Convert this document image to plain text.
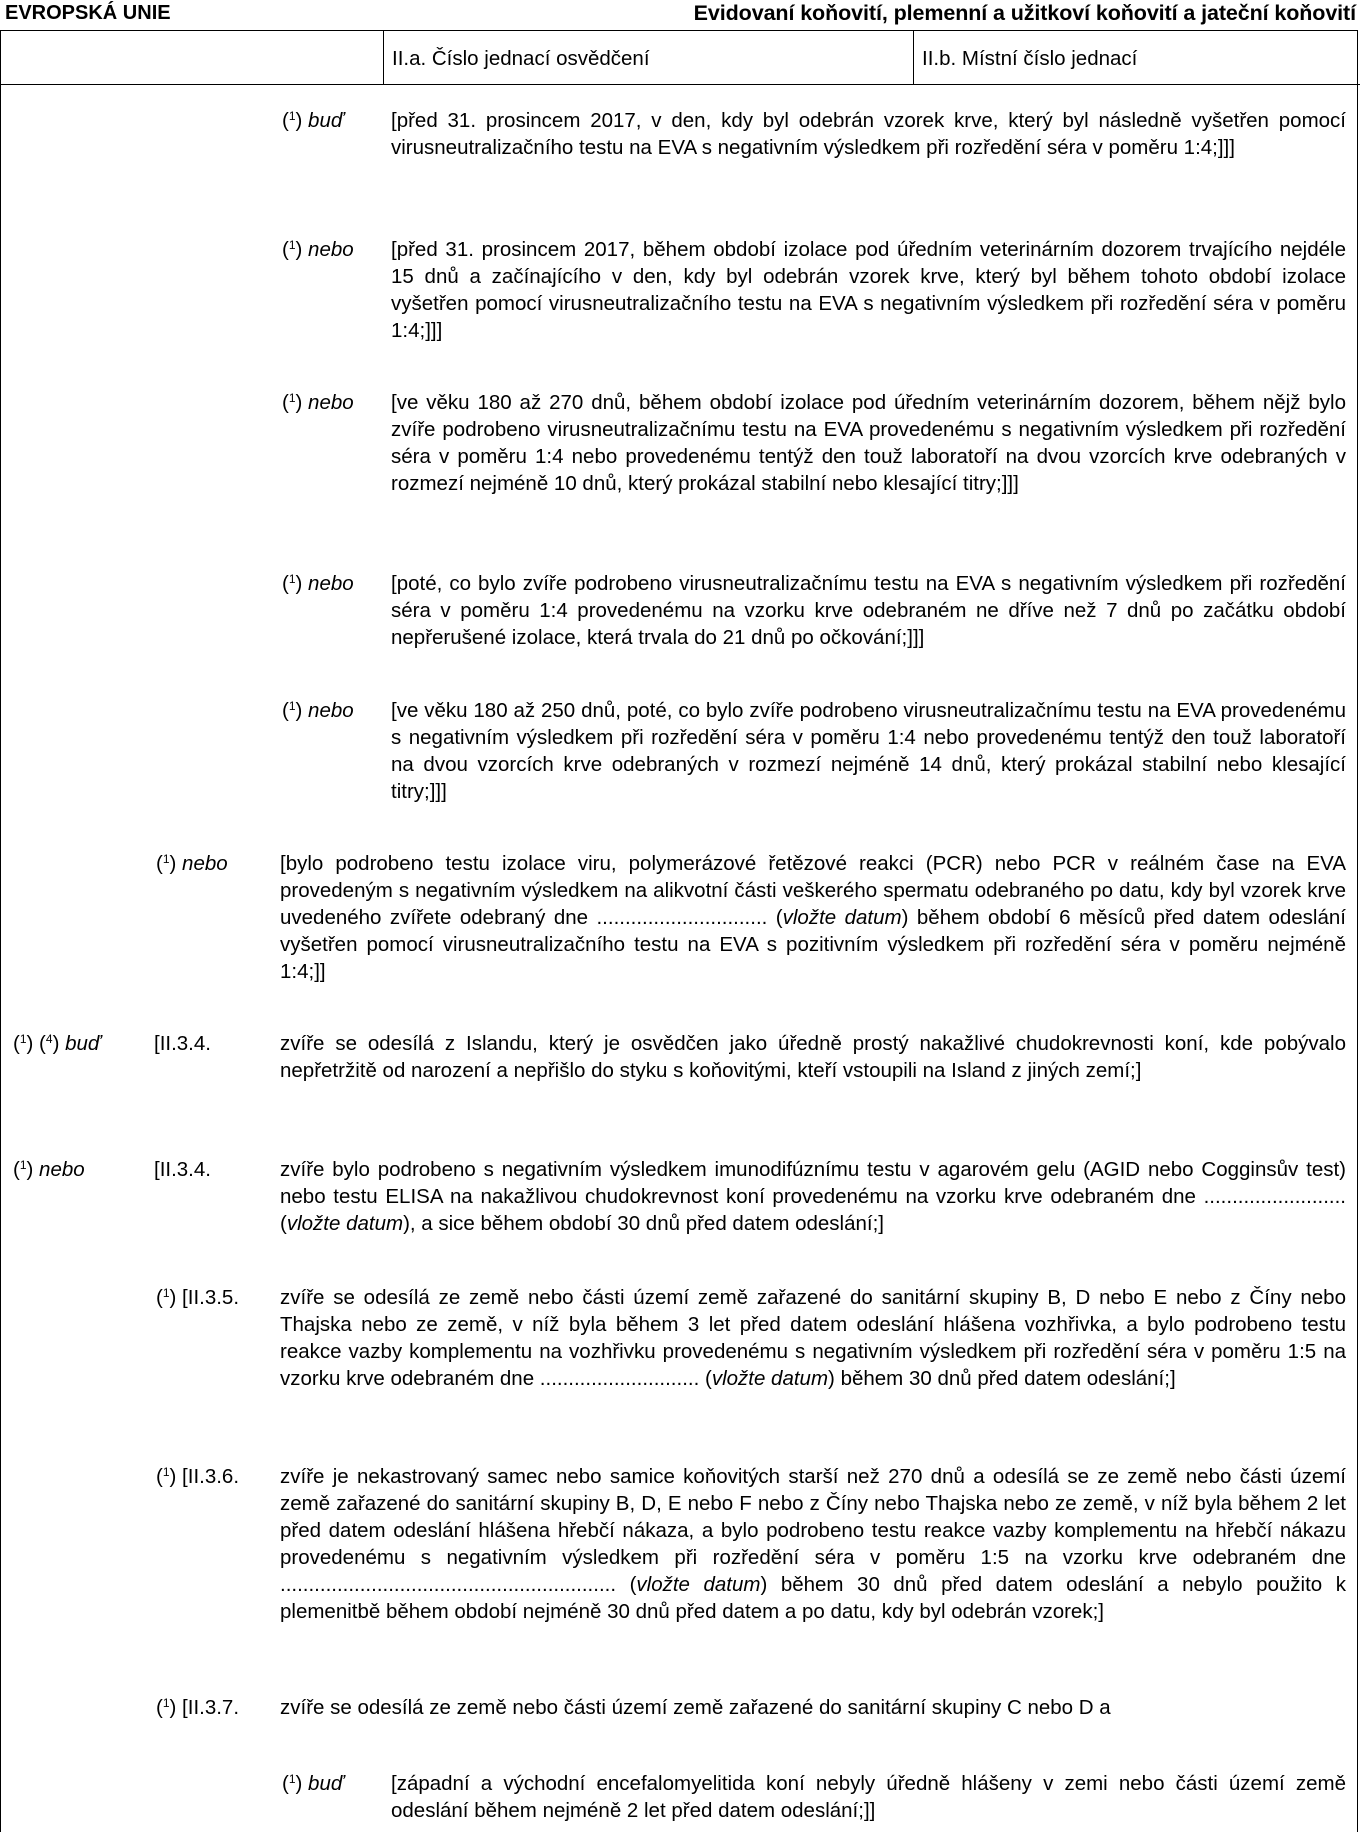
EVROPSKÁ UNIE	Evidovaní koňovití, plemenní a užitkoví koňovití a jateční koňovití
II.a. Číslo jednací osvědčení	II.b. Místní číslo jednací
($^1$) buď [před 31. prosincem 2017, v den, kdy byl odebrán vzorek krve, který byl následně vyšetřen pomocí virusneutralizačního testu na EVA s negativním výsledkem při rozředění séra v poměru 1:4;]]]
($^1$) nebo [před 31. prosincem 2017, během období izolace pod úředním veterinárním dozorem trvajícího nejdéle 15 dnů a začínajícího v den, kdy byl odebrán vzorek krve, který byl během tohoto období izolace vyšetřen pomocí virusneutralizačního testu na EVA s negativním výsledkem při rozředění séra v poměru 1:4;]]]
($^1$) nebo [ve věku 180 až 270 dnů, během období izolace pod úředním veterinárním dozorem, během nějž bylo zvíře podrobeno virusneutralizačnímu testu na EVA provedenému s negativním výsledkem při rozředění séra v poměru 1:4 nebo provedenému tentýž den touž laboratoří na dvou vzorcích krve odebraných v rozmezí nejméně 10 dnů, který prokázal stabilní nebo klesající titry;]]]
($^1$) nebo [poté, co bylo zvíře podrobeno virusneutralizačnímu testu na EVA s negativním výsledkem při rozředění séra v poměru 1:4 provedenému na vzorku krve odebraném ne dříve než 7 dnů po začátku období nepřerušené izolace, která trvala do 21 dnů po očkování;]]]
($^1$) nebo [ve věku 180 až 250 dnů, poté, co bylo zvíře podrobeno virusneutralizačnímu testu na EVA provedenému s negativním výsledkem při rozředění séra v poměru 1:4 nebo provedenému tentýž den touž laboratoří na dvou vzorcích krve odebraných v rozmezí nejméně 14 dnů, který prokázal stabilní nebo klesající titry;]]]
($^1$) nebo	[bylo podrobeno testu izolace viru, polymerázové řetězové reakci (PCR) nebo PCR v reálném čase na EVA provedeným s negativním výsledkem na alikvotní části veškerého spermatu odebraného po datu, kdy byl vzorek krve uvedeného zvířete odebraný dne .............................. (vložte datum) během období 6 měsíců před datem odeslání vyšetřen pomocí virusneutralizačního testu na EVA s pozitivním výsledkem při rozředění séra v poměru nejméně 1:4;]]
($^1$) ($^4$) buď	[II.3.4.	zvíře se odesílá z Islandu, který je osvědčen jako úředně prostý nakažlivé chudokrevnosti koní, kde pobývalo nepřetržitě od narození a nepřišlo do styku s koňovitými, kteří vstoupili na Island z jiných zemí;]
($^1$) nebo	[II.3.4.	zvíře bylo podrobeno s negativním výsledkem imunodifúznímu testu v agarovém gelu (AGID nebo Cogginsův test) nebo testu ELISA na nakažlivou chudokrevnost koní provedenému na vzorku krve odebraném dne ......................... (vložte datum), a sice během období 30 dnů před datem odeslání;]
($^1$) [II.3.5. zvíře se odesílá ze země nebo části území země zařazené do sanitární skupiny B, D nebo E nebo z Číny nebo Thajska nebo ze země, v níž byla během 3 let před datem odeslání hlášena vozhřivka, a bylo podrobeno testu reakce vazby komplementu na vozhřivku provedenému s negativním výsledkem při rozředění séra v poměru 1:5 na vzorku krve odebraném dne ............................ (vložte datum) během 30 dnů před datem odeslání;]
($^1$) [II.3.6. zvíře je nekastrovaný samec nebo samice koňovitých starší než 270 dnů a odesílá se ze země nebo části území země zařazené do sanitární skupiny B, D, E nebo F nebo z Číny nebo Thajska nebo ze země, v níž byla během 2 let před datem odeslání hlášena hřebčí nákaza, a bylo podrobeno testu reakce vazby komplementu na hřebčí nákazu provedenému s negativním výsledkem při rozředění séra v poměru 1:5 na vzorku krve odebraném dne ........................................................... (vložte datum) během 30 dnů před datem odeslání a nebylo použito k plemenitbě během období nejméně 30 dnů před datem a po datu, kdy byl odebrán vzorek;]
($^1$) [II.3.7. zvíře se odesílá ze země nebo části území země zařazené do sanitární skupiny C nebo D a
($^1$) buď [západní a východní encefalomyelitida koní nebyly úředně hlášeny v zemi nebo části území země odeslání během nejméně 2 let před datem odeslání;]]
